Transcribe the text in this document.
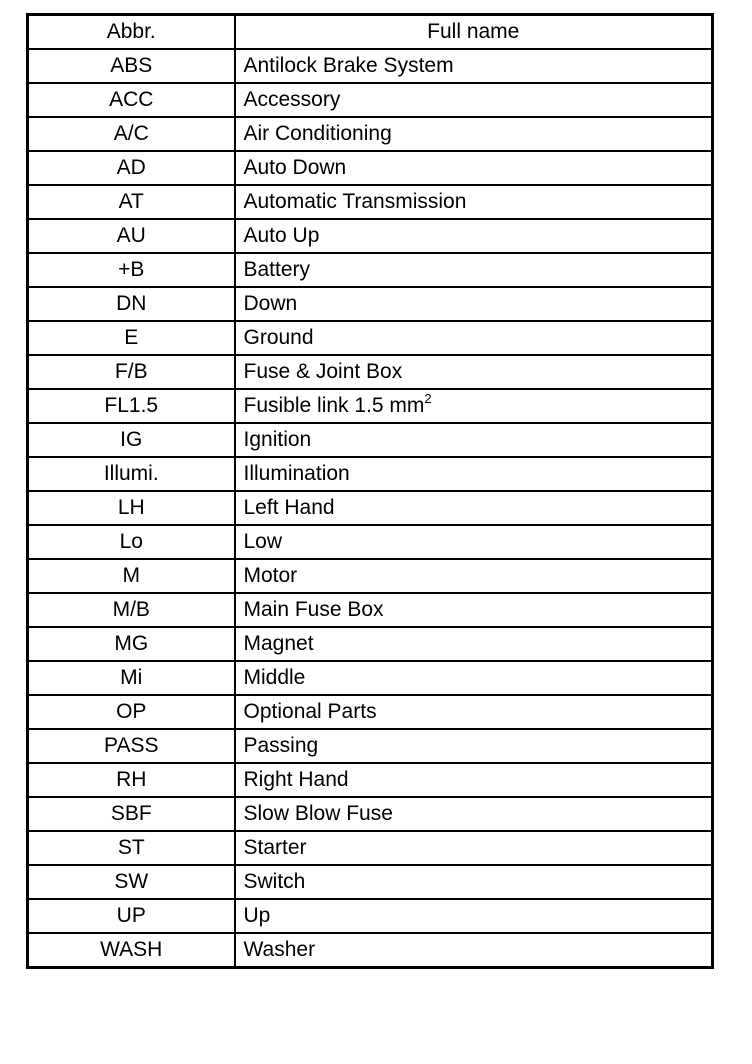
Abbr.	Full name
ABS	Antilock Brake System
ACC	Accessory
A/C	Air Conditioning
AD	Auto Down
AT	Automatic Transmission
AU	Auto Up
+B	Battery
DN	Down
E	Ground
F/B	Fuse & Joint Box
FL1.5	Fusible link 1.5 $mm^2$
IG	Ignition
Illumi.	Illumination
LH	Left Hand
Lo	Low
M	Motor
M/B	Main Fuse Box
MG	Magnet
Mi	Middle
OP	Optional Parts
PASS	Passing
RH	Right Hand
SBF	Slow Blow Fuse
ST	Starter
SW	Switch
UP	Up
WASH	Washer
